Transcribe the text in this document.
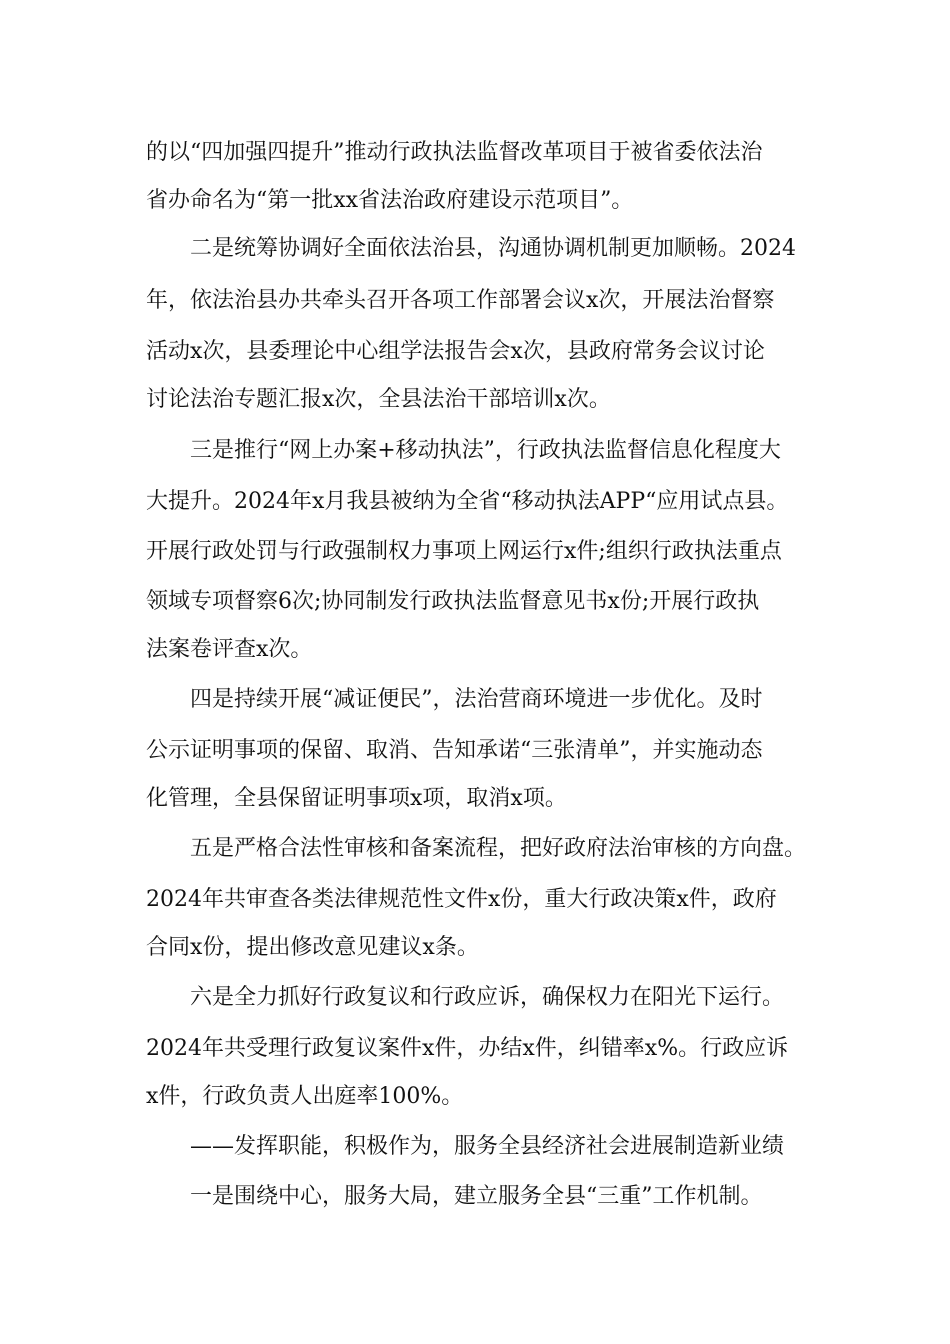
的以“四加强四提升”推动行政执法监督改革项目于被省委依法治
省办命名为“第一批xx省法治政府建设示范项目”。
二是统筹协调好全面依法治县，沟通协调机制更加顺畅。2024
年，依法治县办共牵头召开各项工作部署会议x次，开展法治督察
活动x次，县委理论中心组学法报告会x次，县政府常务会议讨论
讨论法治专题汇报x次，全县法治干部培训x次。
三是推行“网上办案+移动执法”，行政执法监督信息化程度大
大提升。2024年x月我县被纳为全省“移动执法APP“应用试点县。
开展行政处罚与行政强制权力事项上网运行x件;组织行政执法重点
领域专项督察6次;协同制发行政执法监督意见书x份;开展行政执
法案卷评查x次。
四是持续开展“减证便民”，法治营商环境进一步优化。及时
公示证明事项的保留、取消、告知承诺“三张清单”，并实施动态
化管理，全县保留证明事项x项，取消x项。
五是严格合法性审核和备案流程，把好政府法治审核的方向盘。
2024年共审查各类法律规范性文件x份，重大行政决策x件，政府
合同x份，提出修改意见建议x条。
六是全力抓好行政复议和行政应诉，确保权力在阳光下运行。
2024年共受理行政复议案件x件，办结x件，纠错率x%。行政应诉
x件，行政负责人出庭率100%。
——发挥职能，积极作为，服务全县经济社会进展制造新业绩
一是围绕中心，服务大局，建立服务全县“三重”工作机制。
